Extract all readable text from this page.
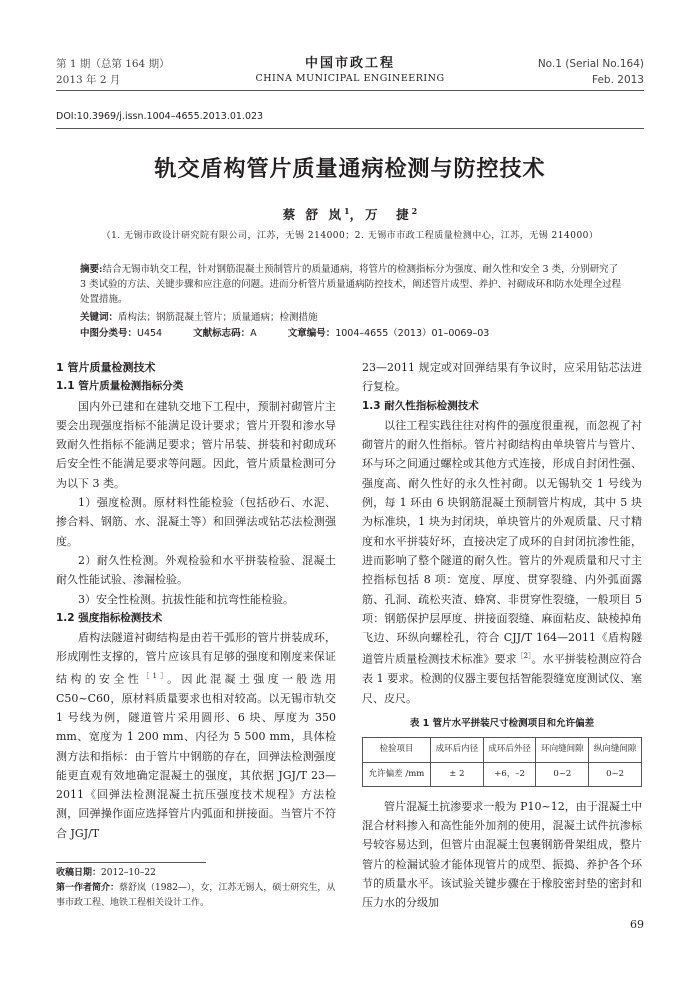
第 1 期（总第 164 期）
2013 年 2 月
中国市政工程
CHINA MUNICIPAL ENGINEERING
No.1 (Serial No.164)
Feb. 2013
DOI:10.3969/j.issn.1004–4655.2013.01.023
轨交盾构管片质量通病检测与防控技术
蔡 舒 岚$^1$，万　捷$^2$
（1. 无锡市政设计研究院有限公司，江苏，无锡 214000；2. 无锡市市政工程质量检测中心，江苏，无锡 214000）
摘要:结合无锡市轨交工程，针对钢筋混凝土预制管片的质量通病，将管片的检测指标分为强度、耐久性和安全 3 类，分别研究了 3 类试验的方法、关键步骤和应注意的问题。进而分析管片质量通病防控技术，阐述管片成型、养护、衬砌成环和防水处理全过程处置措施。
关键词：盾构法；钢筋混凝土管片；质量通病；检测措施
中图分类号：U454	文献标志码：A	文章编号：1004–4655（2013）01–0069–03
1 管片质量检测技术
1.1 管片质量检测指标分类

国内外已建和在建轨交地下工程中，预制衬砌管片主要会出现强度指标不能满足设计要求；管片开裂和渗水导致耐久性指标不能满足要求；管片吊装、拼装和衬砌成环后安全性不能满足要求等问题。因此，管片质量检测可分为以下 3 类。

1）强度检测。原材料性能检验（包括砂石、水泥、掺合料、钢筋、水、混凝土等）和回弹法或钻芯法检测强度。

2）耐久性检测。外观检验和水平拼装检验、混凝土耐久性能试验、渗漏检验。

3）安全性检测。抗拔性能和抗弯性能检验。

1.2 强度指标检测技术

盾构法隧道衬砌结构是由若干弧形的管片拼装成环，形成刚性支撑的，管片应该具有足够的强度和刚度来保证结构的安全性$^{[1]}$。因此混凝土强度一般选用 C50~C60，原材料质量要求也相对较高。以无锡市轨交 1 号线为例，隧道管片采用圆形、6 块、厚度为 350 mm、宽度为 1 200 mm、内径为 5 500 mm，具体检测方法和指标：由于管片中钢筋的存在，回弹法检测强度能更直观有效地确定混凝土的强度，其依据 JGJ/T 23—2011《回弹法检测混凝土抗压强度技术规程》方法检测，回弹操作面应选择管片内弧面和拼接面。当管片不符合 JGJ/T

23—2011 规定或对回弹结果有争议时，应采用钻芯法进行复检。

1.3 耐久性指标检测技术

以往工程实践往往对构件的强度很重视，而忽视了衬砌管片的耐久性指标。管片衬砌结构由单块管片与管片、环与环之间通过螺栓或其他方式连接，形成自封闭性强、强度高、耐久性好的永久性衬砌。以无锡轨交 1 号线为例，每 1 环由 6 块钢筋混凝土预制管片构成，其中 5 块为标准块，1 块为封闭块，单块管片的外观质量、尺寸精度和水平拼装好坏，直接决定了成环的自封闭抗渗性能，进而影响了整个隧道的耐久性。管片的外观质量和尺寸主控指标包括 8 项：宽度、厚度、贯穿裂缝、内外弧面露筋、孔洞、疏松夹渣、蜂窝、非贯穿性裂缝，一般项目 5 项：钢筋保护层厚度、拼接面裂缝、麻面粘皮、缺棱掉角飞边、环纵向螺栓孔，符合 CJJ/T 164—2011《盾构隧道管片质量检测技术标准》要求$^{[2]}$。水平拼装检测应符合表 1 要求。检测的仪器主要包括智能裂缝宽度测试仪、塞尺、皮尺。

表 1 管片水平拼装尺寸检测项目和允许偏差
检验项目	成环后内径	成环后外径	环向缝间隙	纵向缝间隙
允许偏差 /mm	± 2	+6，–2	0~2	0~2

管片混凝土抗渗要求一般为 P10~12，由于混凝土中混合材料掺入和高性能外加剂的使用，混凝土试件抗渗标号较容易达到，但管片由混凝土包裹钢筋骨架组成，整片管片的检漏试验才能体现管片的成型、振捣、养护各个环节的质量水平。该试验关键步骤在于橡胶密封垫的密封和压力水的分级加

收稿日期：2012–10–22
第一作者简介：蔡舒岚（1982—），女，江苏无锡人，硕士研究生，从事市政工程、地铁工程相关设计工作。
69
